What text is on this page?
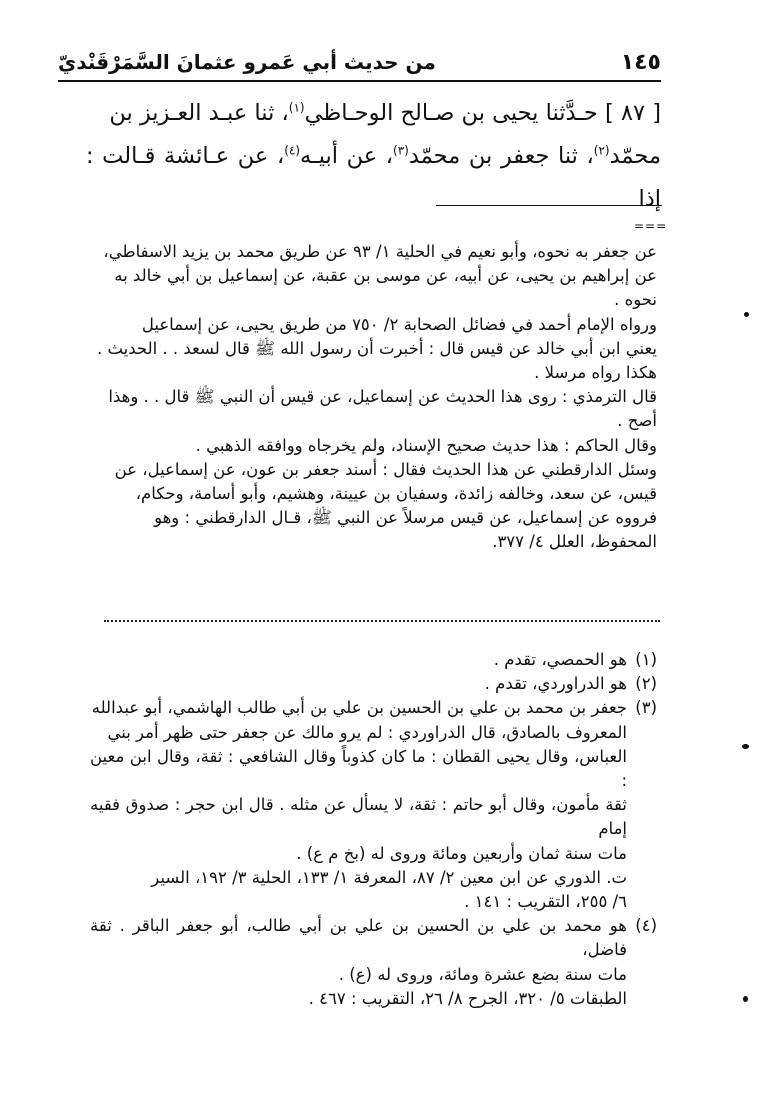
١٤٥
من حديث أبي عَمرو عثمانَ السَّمَرْقَنْديّ

[ ٨٧ ] حـدَّثنا يحيى بن صـالح الوحـاظي$^{(١)}$، ثنا عبـد العـزيز بن

محمّد$^{(٢)}$، ثنا جعفر بن محمّد$^{(٣)}$، عن أبيـه$^{(٤)}$، عن عـائشة قـالت : إذا

===

عن جعفر به نحوه، وأبو نعيم في الحلية ١/ ٩٣ عن طريق محمد بن يزيد الاسفاطي،

عن إبراهيم بن يحيى، عن أبيه، عن موسى بن عقبة، عن إسماعيل بن أبي خالد به

نحوه .

ورواه الإمام أحمد في فضائل الصحابة ٢/ ٧٥٠ من طريق يحيى، عن إسماعيل

يعني ابن أبي خالد عن قيس قال : أخبرت أن رسول الله ﷺ قال لسعد . . الحديث .

هكذا رواه مرسلا .

قال الترمذي : روى هذا الحديث عن إسماعيل، عن قيس أن النبي ﷺ قال . . وهذا

أصح .

وقال الحاكم : هذا حديث صحيح الإسناد، ولم يخرجاه ووافقه الذهبي .

وسئل الدارقطني عن هذا الحديث فقال : أسند جعفر بن عون، عن إسماعيل، عن

قيس، عن سعد، وخالفه زائدة، وسفيان بن عيينة، وهشيم، وأبو أسامة، وحكام،

فرووه عن إسماعيل، عن قيس مرسلاً عن النبي ﷺ، قـال الدارقطني : وهو

المحفوظ، العلل ٤/ ٣٧٧.

(١)

هو الحمصي، تقدم .

(٢)

هو الدراوردي، تقدم .

(٣)

جعفر بن محمد بن علي بن الحسين بن علي بن أبي طالب الهاشمي، أبو عبدالله

المعروف بالصادق، قال الدراوردي : لم يرو مالك عن جعفر حتى ظهر أمر بني

العباس، وقال يحيى القطان : ما كان كذوباً وقال الشافعي : ثقة، وقال ابن معين :

ثقة مأمون، وقال أبو حاتم : ثقة، لا يسأل عن مثله . قال ابن حجر : صدوق فقيه إمام

مات سنة ثمان وأربعين ومائة وروى له (بخ م ع) .

ت. الدوري عن ابن معين ٢/ ٨٧، المعرفة ١/ ١٣٣، الحلية ٣/ ١٩٢، السير

٦/ ٢٥٥، التقريب : ١٤١ .

(٤)

هو محمد بن علي بن الحسين بن علي بن أبي طالب، أبو جعفر الباقر . ثقة فاضل،

مات سنة بضع عشرة ومائة، وروى له (ع) .

الطبقات ٥/ ٣٢٠، الجرح ٨/ ٢٦، التقريب : ٤٦٧ .
